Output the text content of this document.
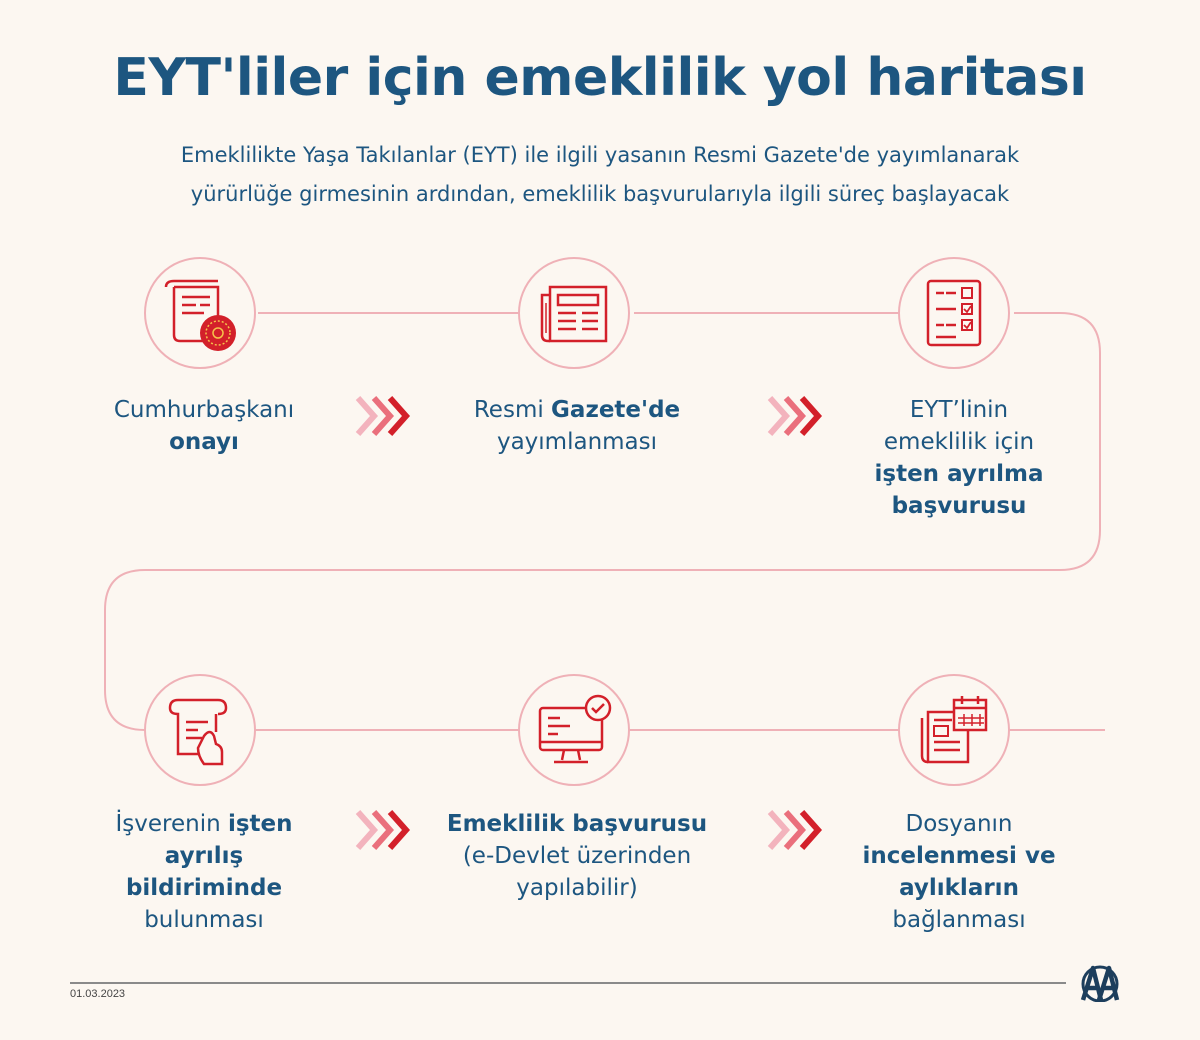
EYT'liler için emeklilik yol haritası
Emeklilikte Yaşa Takılanlar (EYT) ile ilgili yasanın Resmi Gazete'de yayımlanarak
yürürlüğe girmesinin ardından, emeklilik başvurularıyla ilgili süreç başlayacak
Cumhurbaşkanı
onayı
Resmi Gazete'de
yayımlanması
EYT’linin
emeklilik için
işten ayrılma
başvurusu
İşverenin işten
ayrılış
bildiriminde
bulunması
Emeklilik başvurusu
(e-Devlet üzerinden
yapılabilir)
Dosyanın
incelenmesi ve
aylıkların
bağlanması
01.03.2023
